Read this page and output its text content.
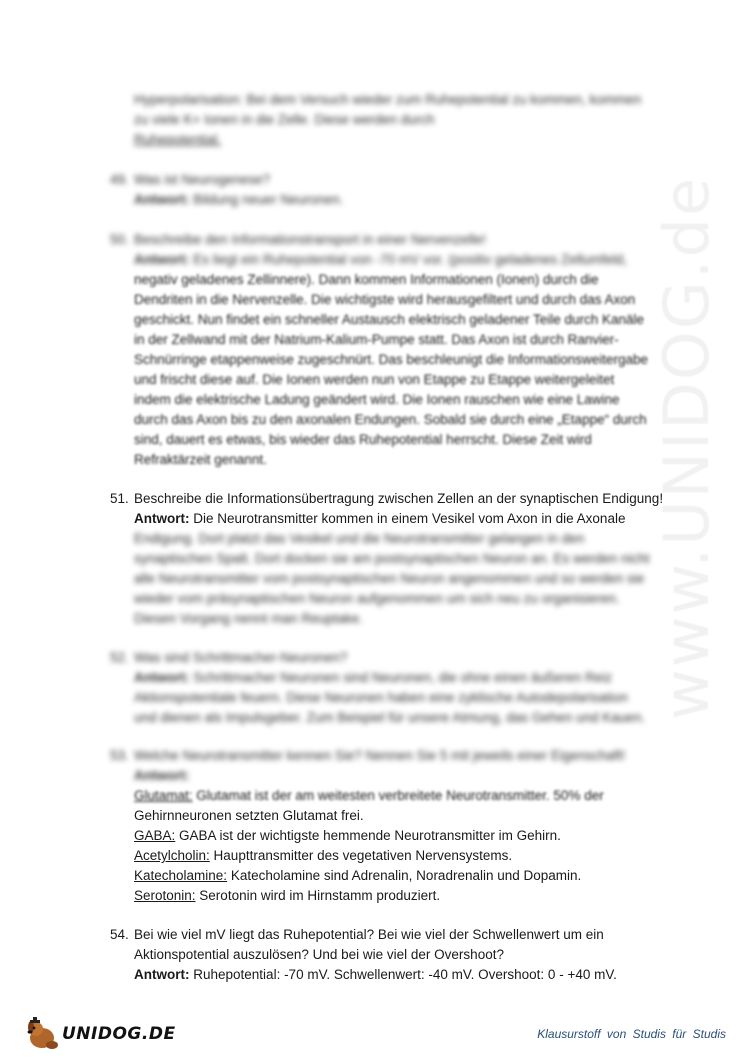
www.UNIDOG.de
Hyperpolarisation: Bei dem Versuch wieder zum Ruhepotential zu kommen, kommen
zu viele K+ Ionen in die Zelle. Diese werden durch
Ruhepotential.
49. Was ist Neurogenese?
Antwort: Bildung neuer Neuronen.
50. Beschreibe den Informationstransport in einer Nervenzelle!
Antwort: Es liegt ein Ruhepotential von -70 mV vor. (positiv geladenes Zellumfeld,
negativ geladenes Zellinnere). Dann kommen Informationen (Ionen) durch die
Dendriten in die Nervenzelle. Die wichtigste wird herausgefiltert und durch das Axon
geschickt. Nun findet ein schneller Austausch elektrisch geladener Teile durch Kanäle
in der Zellwand mit der Natrium-Kalium-Pumpe statt. Das Axon ist durch Ranvier-
Schnürringe etappenweise zugeschnürt. Das beschleunigt die Informationsweitergabe
und frischt diese auf. Die Ionen werden nun von Etappe zu Etappe weitergeleitet
indem die elektrische Ladung geändert wird. Die Ionen rauschen wie eine Lawine
durch das Axon bis zu den axonalen Endungen. Sobald sie durch eine „Etappe“ durch
sind, dauert es etwas, bis wieder das Ruhepotential herrscht. Diese Zeit wird
Refraktärzeit genannt.
51. Beschreibe die Informationsübertragung zwischen Zellen an der synaptischen Endigung!
Antwort: Die Neurotransmitter kommen in einem Vesikel vom Axon in die Axonale
Endigung. Dort platzt das Vesikel und die Neurotransmitter gelangen in den
synaptischen Spalt. Dort docken sie am postsynaptischen Neuron an. Es werden nicht
alle Neurotransmitter vom postsynaptischen Neuron angenommen und so werden sie
wieder vom präsynaptischen Neuron aufgenommen um sich neu zu organisieren.
Diesen Vorgang nennt man Reuptake.
52. Was sind Schrittmacher-Neuronen?
Antwort: Schrittmacher Neuronen sind Neuronen, die ohne einen äußeren Reiz
Aktionspotentiale feuern. Diese Neuronen haben eine zyklische Autodepolarisation
und dienen als Impulsgeber. Zum Beispiel für unsere Atmung, das Gehen und Kauen.
53. Welche Neurotransmitter kennen Sie? Nennen Sie 5 mit jeweils einer Eigenschaft!
Antwort:
Glutamat: Glutamat ist der am weitesten verbreitete Neurotransmitter. 50% der
Gehirnneuronen setzten Glutamat frei.
GABA: GABA ist der wichtigste hemmende Neurotransmitter im Gehirn.
Acetylcholin: Haupttransmitter des vegetativen Nervensystems.
Katecholamine: Katecholamine sind Adrenalin, Noradrenalin und Dopamin.
Serotonin: Serotonin wird im Hirnstamm produziert.
54. Bei wie viel mV liegt das Ruhepotential? Bei wie viel der Schwellenwert um ein
Aktionspotential auszulösen? Und bei wie viel der Overshoot?
Antwort: Ruhepotential: -70 mV. Schwellenwert: -40 mV. Overshoot: 0 - +40 mV.
UNIDOG.DE	Klausurstoff von Studis für Studis
